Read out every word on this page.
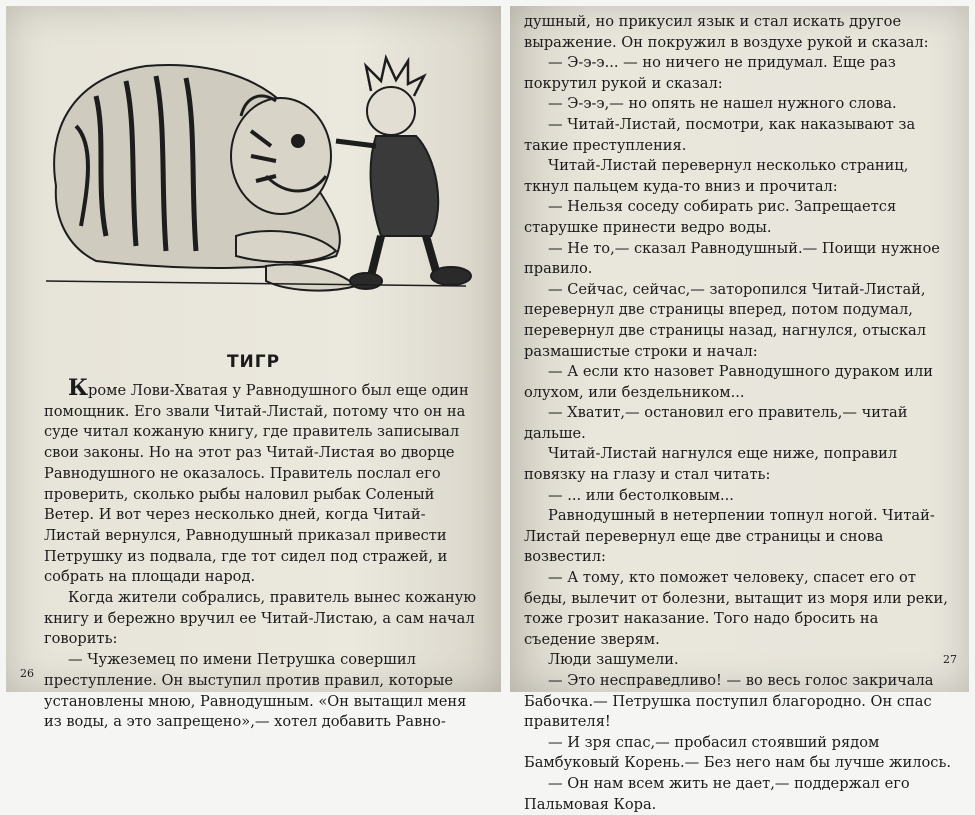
ТИГР

Кроме Лови-Хватая у Равнодушного был еще один помощник. Его звали Читай-Листай, потому что он на суде читал кожаную книгу, где правитель записывал свои законы. Но на этот раз Читай-Листая во дворце Равнодушного не оказалось. Правитель послал его проверить, сколько рыбы наловил рыбак Соленый Ветер. И вот через несколько дней, когда Читай-Листай вернулся, Равнодушный приказал привести Петрушку из подвала, где тот сидел под стражей, и собрать на площади народ.

Когда жители собрались, правитель вынес кожаную книгу и бережно вручил ее Читай-Листаю, а сам начал говорить:

— Чужеземец по имени Петрушка совершил преступление. Он выступил против правил, которые установлены мною, Равнодушным. «Он вытащил меня из воды, а это запрещено»,— хотел добавить Равно-

26

душный, но прикусил язык и стал искать другое выражение. Он покружил в воздухе рукой и сказал:

— Э-э-э... — но ничего не придумал. Еще раз покрутил рукой и сказал:

— Э-э-э,— но опять не нашел нужного слова.

— Читай-Листай, посмотри, как наказывают за такие преступления.

Читай-Листай перевернул несколько страниц, ткнул пальцем куда-то вниз и прочитал:

— Нельзя соседу собирать рис. Запрещается старушке принести ведро воды.

— Не то,— сказал Равнодушный.— Поищи нужное правило.

— Сейчас, сейчас,— заторопился Читай-Листай, перевернул две страницы вперед, потом подумал, перевернул две страницы назад, нагнулся, отыскал размашистые строки и начал:

— А если кто назовет Равнодушного дураком или олухом, или бездельником...

— Хватит,— остановил его правитель,— читай дальше.

Читай-Листай нагнулся еще ниже, поправил повязку на глазу и стал читать:

— ... или бестолковым...

Равнодушный в нетерпении топнул ногой. Читай-Листай перевернул еще две страницы и снова возвестил:

— А тому, кто поможет человеку, спасет его от беды, вылечит от болезни, вытащит из моря или реки, тоже грозит наказание. Того надо бросить на съедение зверям.

Люди зашумели.

— Это несправедливо! — во весь голос закричала Бабочка.— Петрушка поступил благородно. Он спас правителя!

— И зря спас,— пробасил стоявший рядом Бамбуковый Корень.— Без него нам бы лучше жилось.

— Он нам всем жить не дает,— поддержал его Пальмовая Кора.

27
